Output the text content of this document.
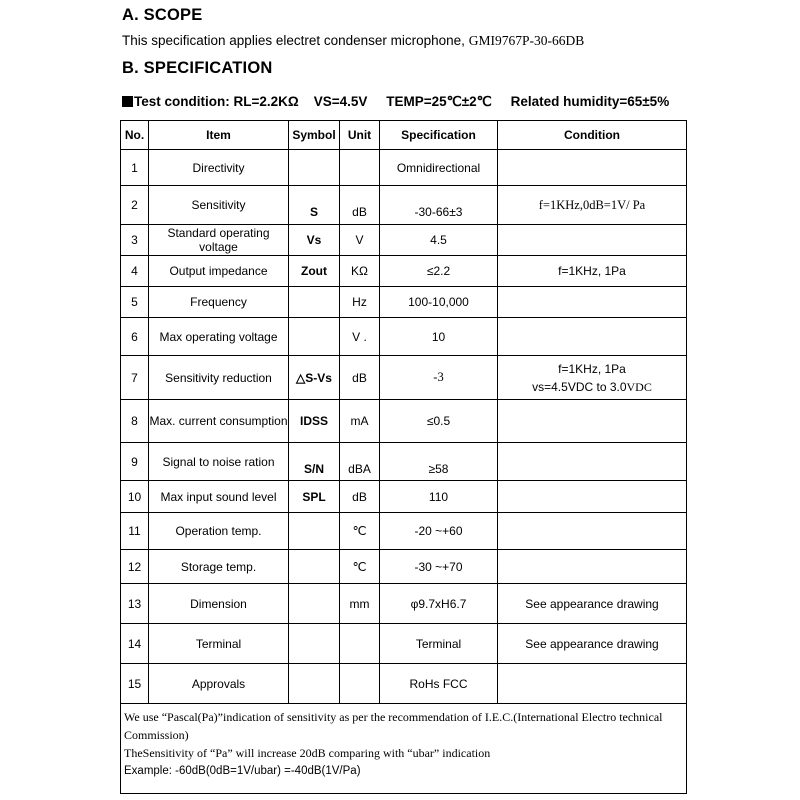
A. SCOPE
This specification applies electret condenser microphone, GMI9767P-30-66DB
B. SPECIFICATION
Test condition: RL=2.2KΩ VS=4.5V TEMP=25℃±2℃ Related humidity=65±5%
No.	Item	Symbol	Unit	Specification	Condition
1	Directivity			Omnidirectional	
2	Sensitivity	S	dB	-30-66±3	f=1KHz,0dB=1V/ Pa
3	Standard operating voltage	Vs	V	4.5	
4	Output impedance	Zout	KΩ	≤2.2	f=1KHz, 1Pa
5	Frequency		Hz	100-10,000	
6	Max operating voltage		V .	10	
7	Sensitivity reduction	△S-Vs	dB	-3	f=1KHz, 1Pa
vs=4.5VDC to 3.0VDC

8	Max. current consumption	IDSS	mA	≤0.5	
9	Signal to noise ration	S/N	dBA	≥58	
10	Max input sound level	SPL	dB	110	
11	Operation temp.		℃	-20 ~+60	
12	Storage temp.		℃	-30 ~+70	
13	Dimension		mm	φ9.7xH6.7	See appearance drawing
14	Terminal			Terminal	See appearance drawing
15	Approvals			RoHs FCC	

We use “Pascal(Pa)”indication of sensitivity as per the recommendation of I.E.C.(International Electro technical Commission)
TheSensitivity of “Pa” will increase 20dB comparing with “ubar” indication
Example: -60dB(0dB=1V/ubar) =-40dB(1V/Pa)					
